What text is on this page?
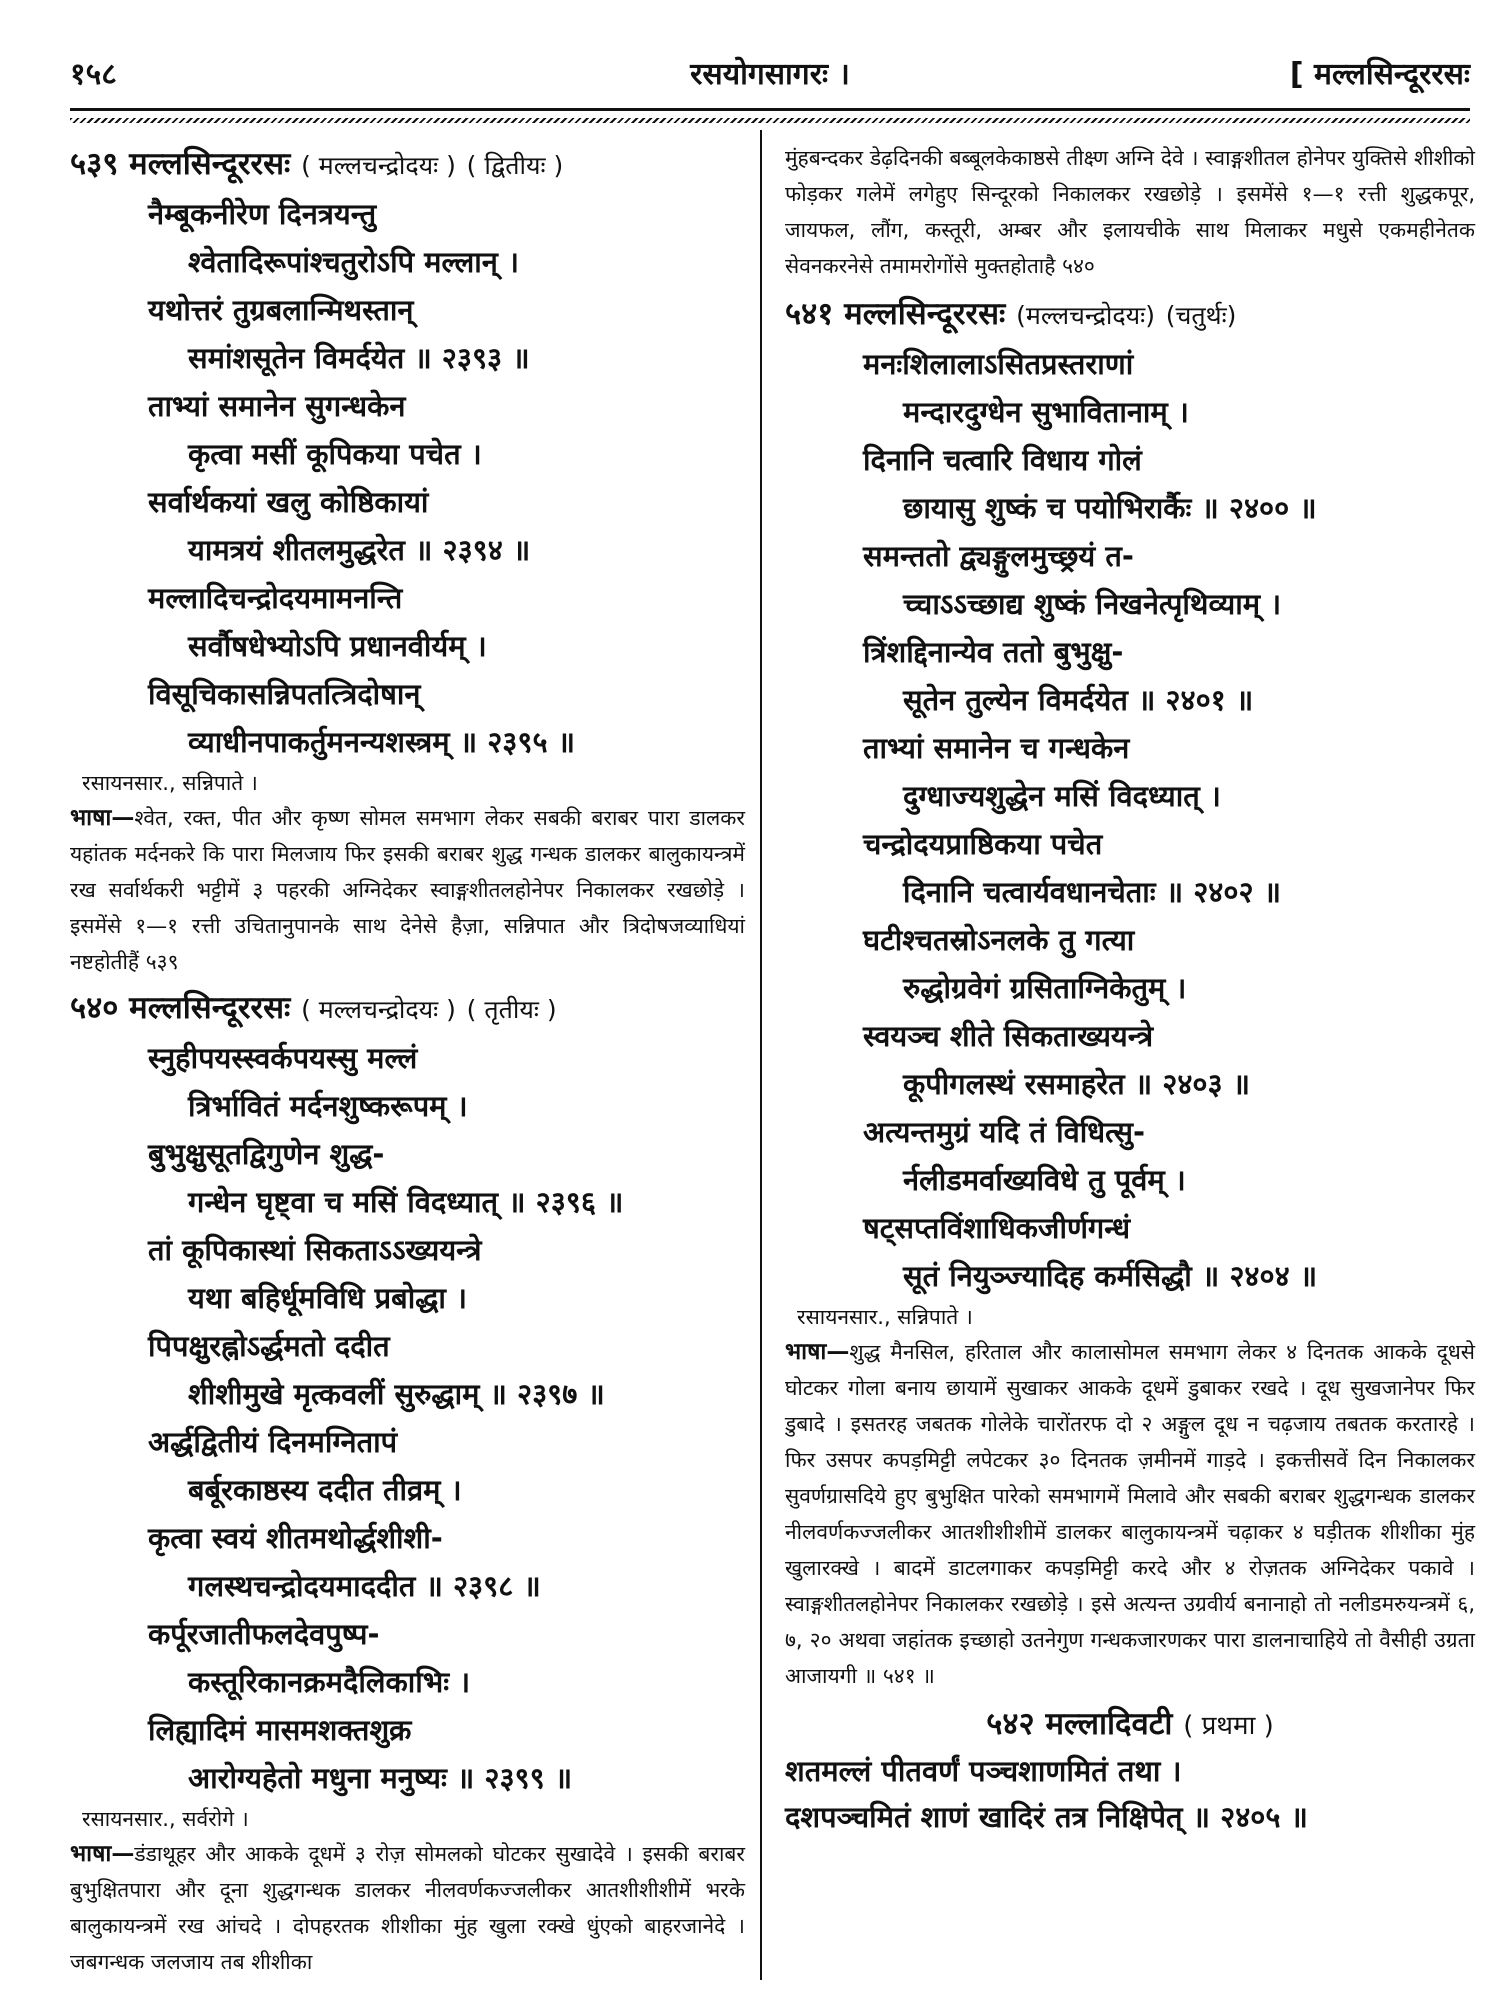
१५८	रसयोगसागरः ।	[ मल्लसिन्दूररसः
५३९ मल्लसिन्दूररसः ( मल्लचन्द्रोदयः ) ( द्वितीयः )
नैम्बूकनीरेण दिनत्रयन्तु
श्वेतादिरूपांश्चतुरोऽपि मल्लान् ।
यथोत्तरं तुग्रबलान्मिथस्तान्
समांशसूतेन विमर्दयेत ॥ २३९३ ॥
ताभ्यां समानेन सुगन्धकेन
कृत्वा मसीं कूपिकया पचेत ।
सर्वार्थकयां खलु कोष्ठिकायां
यामत्रयं शीतलमुद्धरेत ॥ २३९४ ॥
मल्लादिचन्द्रोदयमामनन्ति
सर्वौषधेभ्योऽपि प्रधानवीर्यम् ।
विसूचिकासन्निपतत्त्रिदोषान्
व्याधीनपाकर्तुमनन्यशस्त्रम् ॥ २३९५ ॥
रसायनसार., सन्निपाते ।
भाषा—श्वेत, रक्त, पीत और कृष्ण सोमल समभाग लेकर सबकी बराबर पारा डालकर यहांतक मर्दनकरे कि पारा मिलजाय फिर इसकी बराबर शुद्ध गन्धक डालकर बालुकायन्त्रमें रख सर्वार्थकरी भट्टीमें ३ पहरकी अग्निदेकर स्वाङ्गशीतलहोनेपर निकालकर रखछोड़े । इसमेंसे १—१ रत्ती उचितानुपानके साथ देनेसे हैज़ा, सन्निपात और त्रिदोषजव्याधियां नष्टहोतीहैं ५३९
५४० मल्लसिन्दूररसः ( मल्लचन्द्रोदयः ) ( तृतीयः )
स्नुहीपयस्स्वर्कपयस्सु मल्लं
त्रिर्भावितं मर्दनशुष्करूपम् ।
बुभुक्षुसूतद्विगुणेन शुद्ध-
गन्धेन घृष्ट्वा च मसिं विदध्यात् ॥ २३९६ ॥
तां कूपिकास्थां सिकताऽऽख्ययन्त्रे
यथा बहिर्धूमविधि प्रबोद्धा ।
पिपक्षुरह्नोऽर्द्धमतो ददीत
शीशीमुखे मृत्कवलीं सुरुद्धाम् ॥ २३९७ ॥
अर्द्धद्वितीयं दिनमग्नितापं
बर्बूरकाष्ठस्य ददीत तीव्रम् ।
कृत्वा स्वयं शीतमथोर्द्धशीशी-
गलस्थचन्द्रोदयमाददीत ॥ २३९८ ॥
कर्पूरजातीफलदेवपुष्प-
कस्तूरिकानक्रमदैलिकाभिः ।
लिह्यादिमं मासमशक्तशुक्र
आरोग्यहेतो मधुना मनुष्यः ॥ २३९९ ॥
रसायनसार., सर्वरोगे ।
भाषा—डंडाथूहर और आकके दूधमें ३ रोज़ सोमलको घोटकर सुखादेवे । इसकी बराबर बुभुक्षितपारा और दूना शुद्धगन्धक डालकर नीलवर्णकज्जलीकर आतशीशीशीमें भरके बालुकायन्त्रमें रख आंचदे । दोपहरतक शीशीका मुंह खुला रक्खे धुंएको बाहरजानेदे । जबगन्धक जलजाय तब शीशीका
मुंहबन्दकर डेढ़दिनकी बब्बूलकेकाष्ठसे तीक्ष्ण अग्नि देवे । स्वाङ्गशीतल होनेपर युक्तिसे शीशीको फोड़कर गलेमें लगेहुए सिन्दूरको निकालकर रखछोड़े । इसमेंसे १—१ रत्ती शुद्धकपूर, जायफल, लौंग, कस्तूरी, अम्बर और इलायचीके साथ मिलाकर मधुसे एकमहीनेतक सेवनकरनेसे तमामरोगोंसे मुक्तहोताहै ५४०
५४१ मल्लसिन्दूररसः (मल्लचन्द्रोदयः) (चतुर्थः)
मनःशिलालाऽसितप्रस्तराणां
मन्दारदुग्धेन सुभावितानाम् ।
दिनानि चत्वारि विधाय गोलं
छायासु शुष्कं च पयोभिरार्कैः ॥ २४०० ॥
समन्ततो द्व्यङ्गुलमुच्छ्रयं त-
च्चाऽऽच्छाद्य शुष्कं निखनेत्पृथिव्याम् ।
त्रिंशद्दिनान्येव ततो बुभुक्षु-
सूतेन तुल्येन विमर्दयेत ॥ २४०१ ॥
ताभ्यां समानेन च गन्धकेन
दुग्धाज्यशुद्धेन मसिं विदध्यात् ।
चन्द्रोदयप्राष्ठिकया पचेत
दिनानि चत्वार्यवधानचेताः ॥ २४०२ ॥
घटीश्चतस्रोऽनलके तु गत्या
रुद्धोग्रवेगं ग्रसिताग्निकेतुम् ।
स्वयञ्च शीते सिकताख्ययन्त्रे
कूपीगलस्थं रसमाहरेत ॥ २४०३ ॥
अत्यन्तमुग्रं यदि तं विधित्सु-
र्नलीडमर्वाख्यविधे तु पूर्वम् ।
षट्सप्तविंशाधिकजीर्णगन्धं
सूतं नियुञ्ज्यादिह कर्मसिद्धौ ॥ २४०४ ॥
रसायनसार., सन्निपाते ।
भाषा—शुद्ध मैनसिल, हरिताल और कालासोमल समभाग लेकर ४ दिनतक आकके दूधसे घोटकर गोला बनाय छायामें सुखाकर आकके दूधमें डुबाकर रखदे । दूध सुखजानेपर फिर डुबादे । इसतरह जबतक गोलेके चारोंतरफ दो २ अङ्गुल दूध न चढ़जाय तबतक करतारहे । फिर उसपर कपड़मिट्टी लपेटकर ३० दिनतक ज़मीनमें गाड़दे । इकत्तीसवें दिन निकालकर सुवर्णग्रासदिये हुए बुभुक्षित पारेको समभागमें मिलावे और सबकी बराबर शुद्धगन्धक डालकर नीलवर्णकज्जलीकर आतशीशीशीमें डालकर बालुकायन्त्रमें चढ़ाकर ४ घड़ीतक शीशीका मुंह खुलारक्खे । बादमें डाटलगाकर कपड़मिट्टी करदे और ४ रोज़तक अग्निदेकर पकावे । स्वाङ्गशीतलहोनेपर निकालकर रखछोड़े । इसे अत्यन्त उग्रवीर्य बनानाहो तो नलीडमरुयन्त्रमें ६, ७, २० अथवा जहांतक इच्छाहो उतनेगुण गन्धकजारणकर पारा डालनाचाहिये तो वैसीही उग्रता आजायगी ॥ ५४१ ॥
५४२ मल्लादिवटी ( प्रथमा )
शतमल्लं पीतवर्णं पञ्चशाणमितं तथा ।
दशपञ्चमितं शाणं खादिरं तत्र निक्षिपेत् ॥ २४०५ ॥
